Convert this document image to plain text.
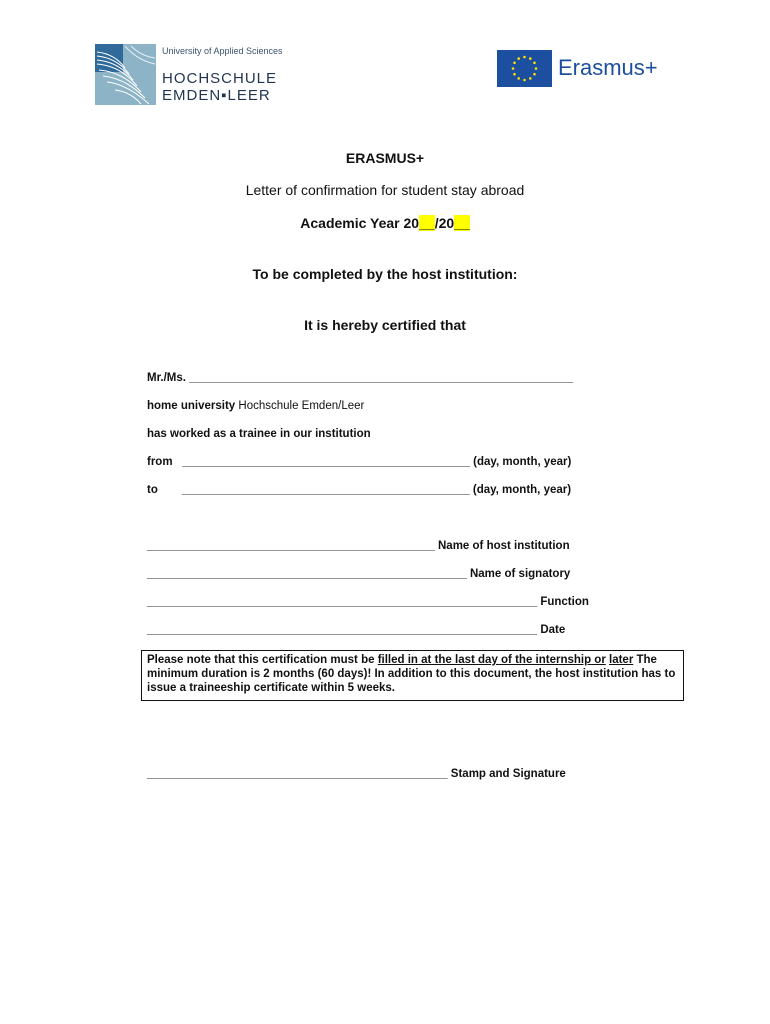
University of Applied Sciences
HOCHSCHULE
EMDEN▪LEER
Erasmus+
ERASMUS+
Letter of confirmation for student stay abroad
Academic Year 20__/20__
To be completed by the host institution:
It is hereby certified that
Mr./Ms. ____________________________________________________________
home university Hochschule Emden/Leer
has worked as a trainee in our institution
from _____________________________________________ (day, month, year)
to _____________________________________________ (day, month, year)
_____________________________________________ Name of host institution
__________________________________________________ Name of signatory
_____________________________________________________________ Function
_____________________________________________________________ Date
Please note that this certification must be filled in at the last day of the internship or later The minimum duration is 2 months (60 days)! In addition to this document, the host institution has to issue a traineeship certificate within 5 weeks.
_______________________________________________ Stamp and Signature
